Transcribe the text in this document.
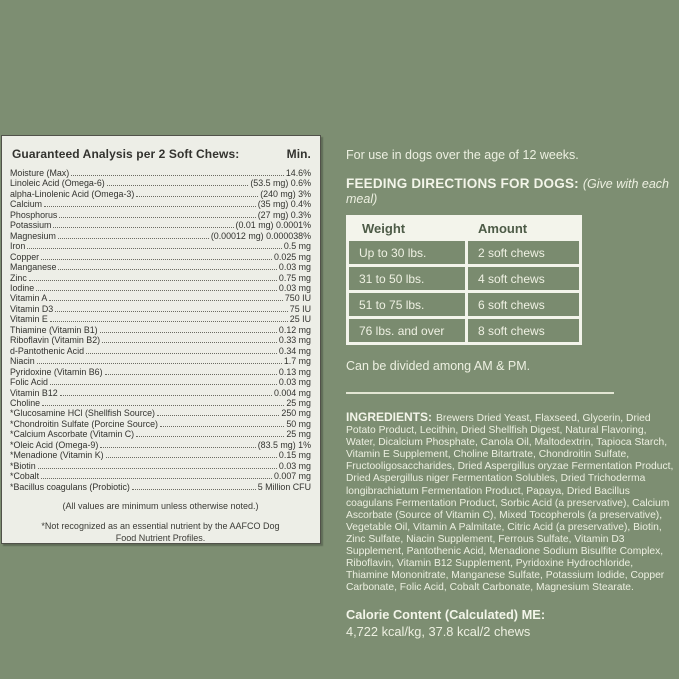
Guaranteed Analysis per 2 Soft Chews:	Min.
Moisture (Max)	14.6%
Linoleic Acid (Omega-6)	(53.5 mg) 0.6%
alpha-Linolenic Acid (Omega-3)	(240 mg) 3%
Calcium	(35 mg) 0.4%
Phosphorus	(27 mg) 0.3%
Potassium	(0.01 mg) 0.0001%
Magnesium	(0.00012 mg) 0.000038%
Iron	0.5 mg
Copper	0.025 mg
Manganese	0.03 mg
Zinc	0.75 mg
Iodine	0.03 mg
Vitamin A	750 IU
Vitamin D3	75 IU
Vitamin E	25 IU
Thiamine (Vitamin B1)	0.12 mg
Riboflavin (Vitamin B2)	0.33 mg
d-Pantothenic Acid	0.34 mg
Niacin	1.7 mg
Pyridoxine (Vitamin B6)	0.13 mg
Folic Acid	0.03 mg
Vitamin B12	0.004 mg
Choline	25 mg
*Glucosamine HCl (Shellfish Source)	250 mg
*Chondroitin Sulfate (Porcine Source)	50 mg
*Calcium Ascorbate (Vitamin C)	25 mg
*Oleic Acid (Omega-9)	(83.5 mg) 1%
*Menadione (Vitamin K)	0.15 mg
*Biotin	0.03 mg
*Cobalt	0.007 mg
*Bacillus coagulans (Probiotic)	5 Million CFU

(All values are minimum unless otherwise noted.)

*Not recognized as an essential nutrient by the AAFCO Dog Food Nutrient Profiles.

For use in dogs over the age of 12 weeks.

FEEDING DIRECTIONS FOR DOGS: (Give with each meal)
Weight	Amount
Up to 30 lbs.	2 soft chews
31 to 50 lbs.	4 soft chews
51 to 75 lbs.	6 soft chews
76 lbs. and over	8 soft chews

Can be divided among AM & PM.

INGREDIENTS: Brewers Dried Yeast, Flaxseed, Glycerin, Dried Potato Product, Lecithin, Dried Shellfish Digest, Natural Flavoring, Water, Dicalcium Phosphate, Canola Oil, Maltodextrin, Tapioca Starch, Vitamin E Supplement, Choline Bitartrate, Chondroitin Sulfate, Fructooligosaccharides, Dried Aspergillus oryzae Fermentation Product, Dried Aspergillus niger Fermentation Solubles, Dried Trichoderma longibrachiatum Fermentation Product, Papaya, Dried Bacillus coagulans Fermentation Product, Sorbic Acid (a preservative), Calcium Ascorbate (Source of Vitamin C), Mixed Tocopherols (a preservative), Vegetable Oil, Vitamin A Palmitate, Citric Acid (a preservative), Biotin, Zinc Sulfate, Niacin Supplement, Ferrous Sulfate, Vitamin D3 Supplement, Pantothenic Acid, Menadione Sodium Bisulfite Complex, Riboflavin, Vitamin B12 Supplement, Pyridoxine Hydrochloride, Thiamine Mononitrate, Manganese Sulfate, Potassium Iodide, Copper Carbonate, Folic Acid, Cobalt Carbonate, Magnesium Stearate.

Calorie Content (Calculated) ME:
4,722 kcal/kg, 37.8 kcal/2 chews
